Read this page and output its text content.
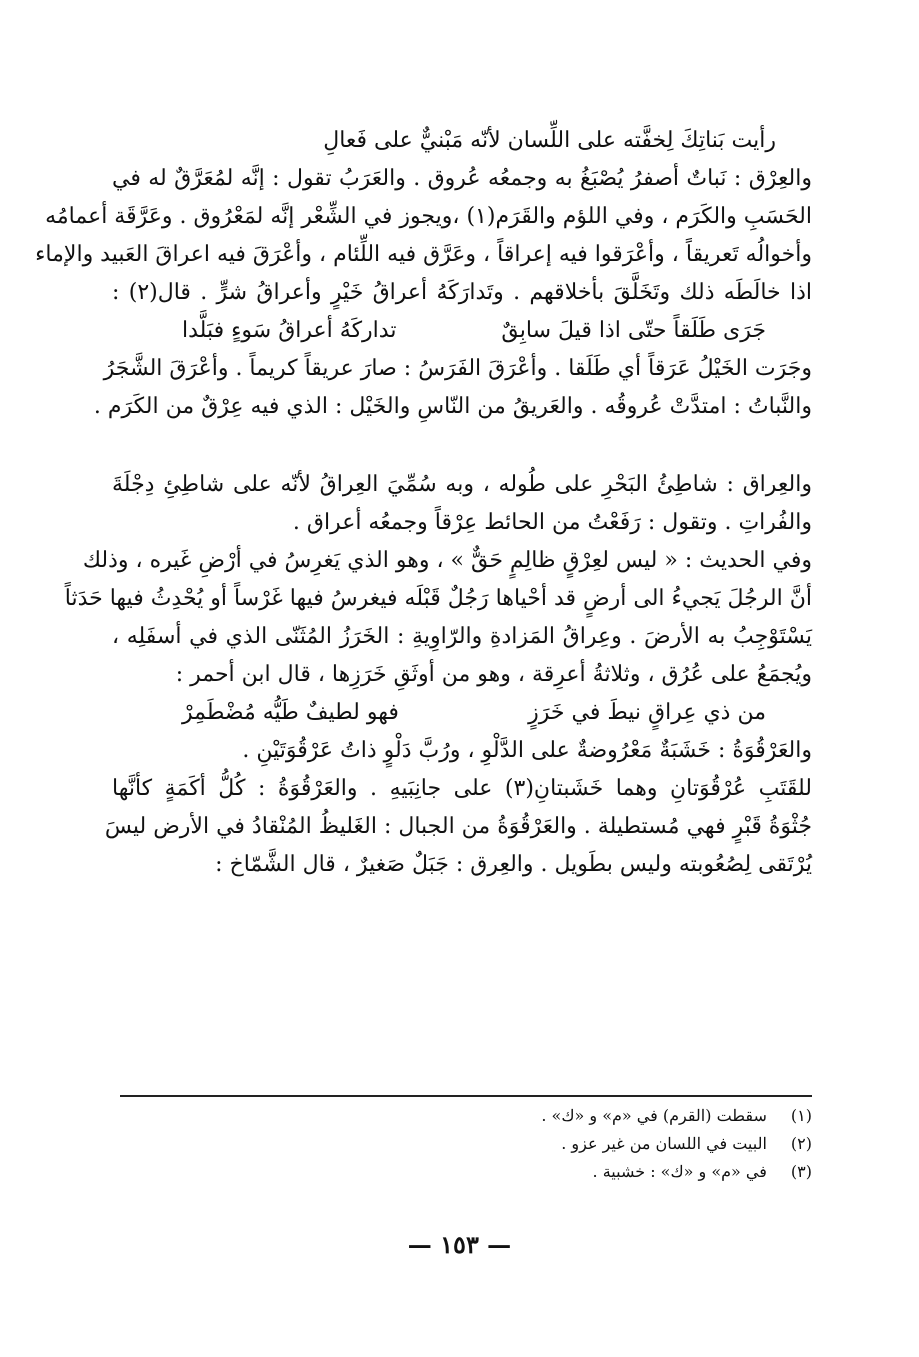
رأيت بَناتِكَ لِخفَّته على اللِّسان لأنّه مَبْنيٌّ على فَعالِ
والعِرْق : نَباتٌ أصفرُ يُصْبَغُ به وجمعُه عُروق . والعَرَبُ تقول : إنَّه لمُعَرَّقٌ له في
الحَسَبِ والكَرَم ، وفي اللؤم والقَرَم(١) ،ويجوز في الشِّعْر إنَّه لمَعْرُوق . وعَرَّقَة أعمامُه
وأخوالُه تَعريقاً ، وأعْرَقوا فيه إعراقاً ، وعَرَّق فيه اللِّئام ، وأعْرَقَ فيه اعراقَ العَبيد والإماء
اذا خالَطَه ذلك وتَخَلَّقَ بأخلاقهم . وتَدارَكَهُ أعراقُ خَيْرٍ وأعراقُ شرٍّ . قال(٢) :
جَرَى طَلَقاً حتّى اذا قيلَ سابِقٌ
تداركَهُ أعراقُ سَوءٍ فبَلَّدا
وجَرَت الخَيْلُ عَرَقاً أي طَلَقا . وأعْرَقَ الفَرَسُ : صارَ عريقاً كريماً . وأعْرَقَ الشَّجَرُ
والنَّباتُ : امتدَّتْ عُروقُه . والعَريقُ من النّاسِ والخَيْل : الذي فيه عِرْقٌ من الكَرَم .
والعِراق : شاطِئُ البَحْرِ على طُوله ، وبه سُمِّيَ العِراقُ لأنّه على شاطِئِ دِجْلَةَ
والفُراتِ . وتقول : رَفَعْتُ من الحائط عِرْقاً وجمعُه أعراق .
وفي الحديث : « ليس لعِرْقٍ ظالِمٍ حَقٌّ » ، وهو الذي يَغرِسُ في أرْضِ غَيره ، وذلك
أنَّ الرجُلَ يَجيءُ الى أرضٍ قد أحْياها رَجُلٌ قَبْلَه فيغرسُ فيها غَرْساً أو يُحْدِثُ فيها حَدَثاً
يَسْتَوْجِبُ به الأرضَ . وعِراقُ المَزادةِ والرّاوِيةِ : الخَرَزُ المُثَنّى الذي في أسفَلِه ،
ويُجمَعُ على عُرُق ، وثلاثةُ أعرِقة ، وهو من أوثَقِ خَرَزِها ، قال ابن أحمر :
من ذي عِراقٍ نيطَ في خَرَزٍ
فهو لطيفٌ طَيُّه مُضْطَمِرْ
والعَرْقُوَةُ : خَشَبَةٌ مَعْرُوضةٌ على الدَّلْوِ ، ورُبَّ دَلْوٍ ذاتُ عَرْقُوَتَيْنِ .
للقَتَبِ عُرْقُوَتانِ وهما خَشَبتانِ(٣) على جانِبَيهِ . والعَرْقُوَةُ : كُلُّ أكَمَةٍ كأنَّها
جُثْوَةُ قَبْرٍ فهي مُستطيلة . والعَرْقُوَةُ من الجبال : الغَليظُ المُنْقادُ في الأرض ليسَ
يُرْتَقى لِصُعُوبته وليس بطَويل . والعِرق : جَبَلٌ صَغيرٌ ، قال الشَّمّاخ :
(١) سقطت (القرم) في «م» و «ك» .
(٢) البيت في اللسان من غير عزو .
(٣) في «م» و «ك» : خشبية .
— ١٥٣ —
